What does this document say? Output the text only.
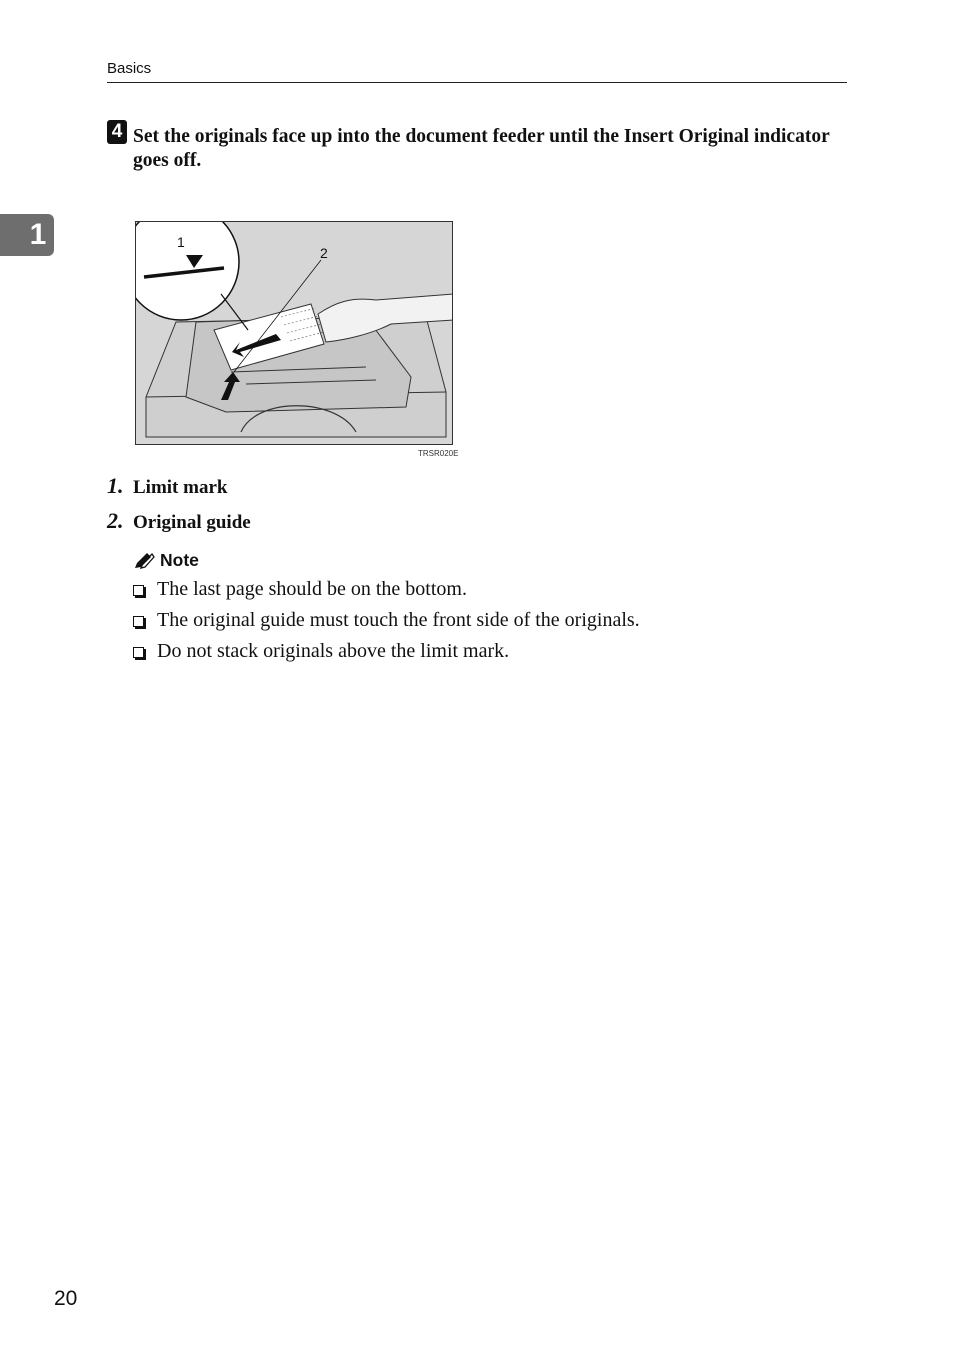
Basics
1
4 Set the originals face up into the document feeder until the Insert Original indicator goes off.
1
2
TRSR020E
1. Limit mark
2. Original guide
Note
The last page should be on the bottom.
The original guide must touch the front side of the originals.
Do not stack originals above the limit mark.
20
